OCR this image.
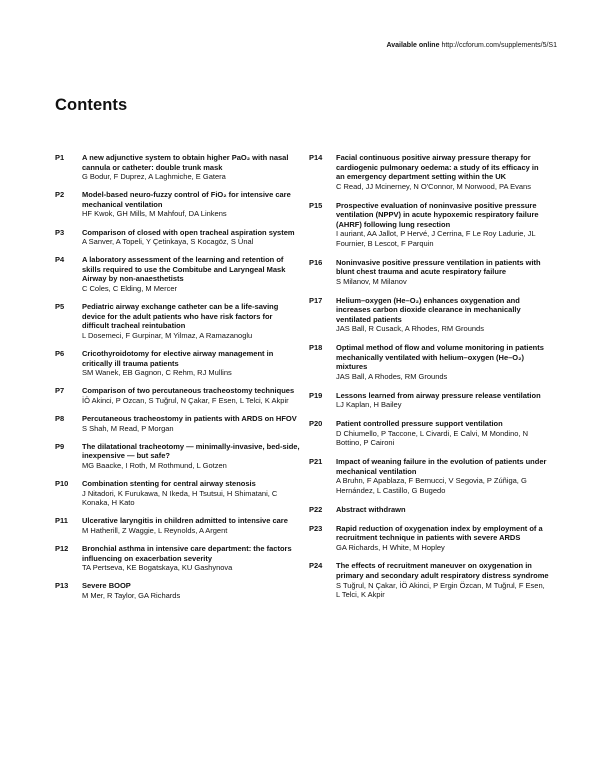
Available online http://ccforum.com/supplements/5/S1
Contents
P1 A new adjunctive system to obtain higher PaO₂ with nasal cannula or catheter: double trunk mask
G Bodur, F Duprez, A Laghmiche, E Gatera
P2 Model-based neuro-fuzzy control of FiO₂ for intensive care mechanical ventilation
HF Kwok, GH Mills, M Mahfouf, DA Linkens
P3 Comparison of closed with open tracheal aspiration system
A Sanver, A Topeli, Y Çetinkaya, S Kocagöz, S Ünal
P4 A laboratory assessment of the learning and retention of skills required to use the Combitube and Laryngeal Mask Airway by non-anaesthetists
C Coles, C Elding, M Mercer
P5 Pediatric airway exchange catheter can be a life-saving device for the adult patients who have risk factors for difficult tracheal reintubation
L Dosemeci, F Gurpinar, M Yilmaz, A Ramazanoglu
P6 Cricothyroidotomy for elective airway management in critically ill trauma patients
SM Wanek, EB Gagnon, C Rehm, RJ Mullins
P7 Comparison of two percutaneous tracheostomy techniques
İÖ Akinci, P Ozcan, S Tuğrul, N Çakar, F Esen, L Telci, K Akpir
P8 Percutaneous tracheostomy in patients with ARDS on HFOV
S Shah, M Read, P Morgan
P9 The dilatational tracheotomy — minimally-invasive, bed-side, inexpensive — but safe?
MG Baacke, I Roth, M Rothmund, L Gotzen
P10 Combination stenting for central airway stenosis
J Nitadori, K Furukawa, N Ikeda, H Tsutsui, H Shimatani, C Konaka, H Kato
P11 Ulcerative laryngitis in children admitted to intensive care
M Hatherill, Z Waggie, L Reynolds, A Argent
P12 Bronchial asthma in intensive care department: the factors influencing on exacerbation severity
TA Pertseva, KE Bogatskaya, KU Gashynova
P13 Severe BOOP
M Mer, R Taylor, GA Richards
P14 Facial continuous positive airway pressure therapy for cardiogenic pulmonary oedema: a study of its efficacy in an emergency department setting within the UK
C Read, JJ Mcinerney, N O'Connor, M Norwood, PA Evans
P15 Prospective evaluation of noninvasive positive pressure ventilation (NPPV) in acute hypoxemic respiratory failure (AHRF) following lung resection
I auriant, AA Jallot, P Hervé, J Cerrina, F Le Roy Ladurie, JL Fournier, B Lescot, F Parquin
P16 Noninvasive positive pressure ventilation in patients with blunt chest trauma and acute respiratory failure
S Milanov, M Milanov
P17 Helium–oxygen (He–O₂) enhances oxygenation and increases carbon dioxide clearance in mechanically ventilated patients
JAS Ball, R Cusack, A Rhodes, RM Grounds
P18 Optimal method of flow and volume monitoring in patients mechanically ventilated with helium–oxygen (He–O₂) mixtures
JAS Ball, A Rhodes, RM Grounds
P19 Lessons learned from airway pressure release ventilation
LJ Kaplan, H Bailey
P20 Patient controlled pressure support ventilation
D Chiumello, P Taccone, L Civardi, E Calvi, M Mondino, N Bottino, P Caironi
P21 Impact of weaning failure in the evolution of patients under mechanical ventilation
A Bruhn, F Apablaza, F Bernucci, V Segovia, P Zúñiga, G Hernández, L Castillo, G Bugedo
P22 Abstract withdrawn
P23 Rapid reduction of oxygenation index by employment of a recruitment technique in patients with severe ARDS
GA Richards, H White, M Hopley
P24 The effects of recruitment maneuver on oxygenation in primary and secondary adult respiratory distress syndrome
S Tuğrul, N Çakar, İÖ Akinci, P Ergin Özcan, M Tuğrul, F Esen, L Telci, K Akpir
